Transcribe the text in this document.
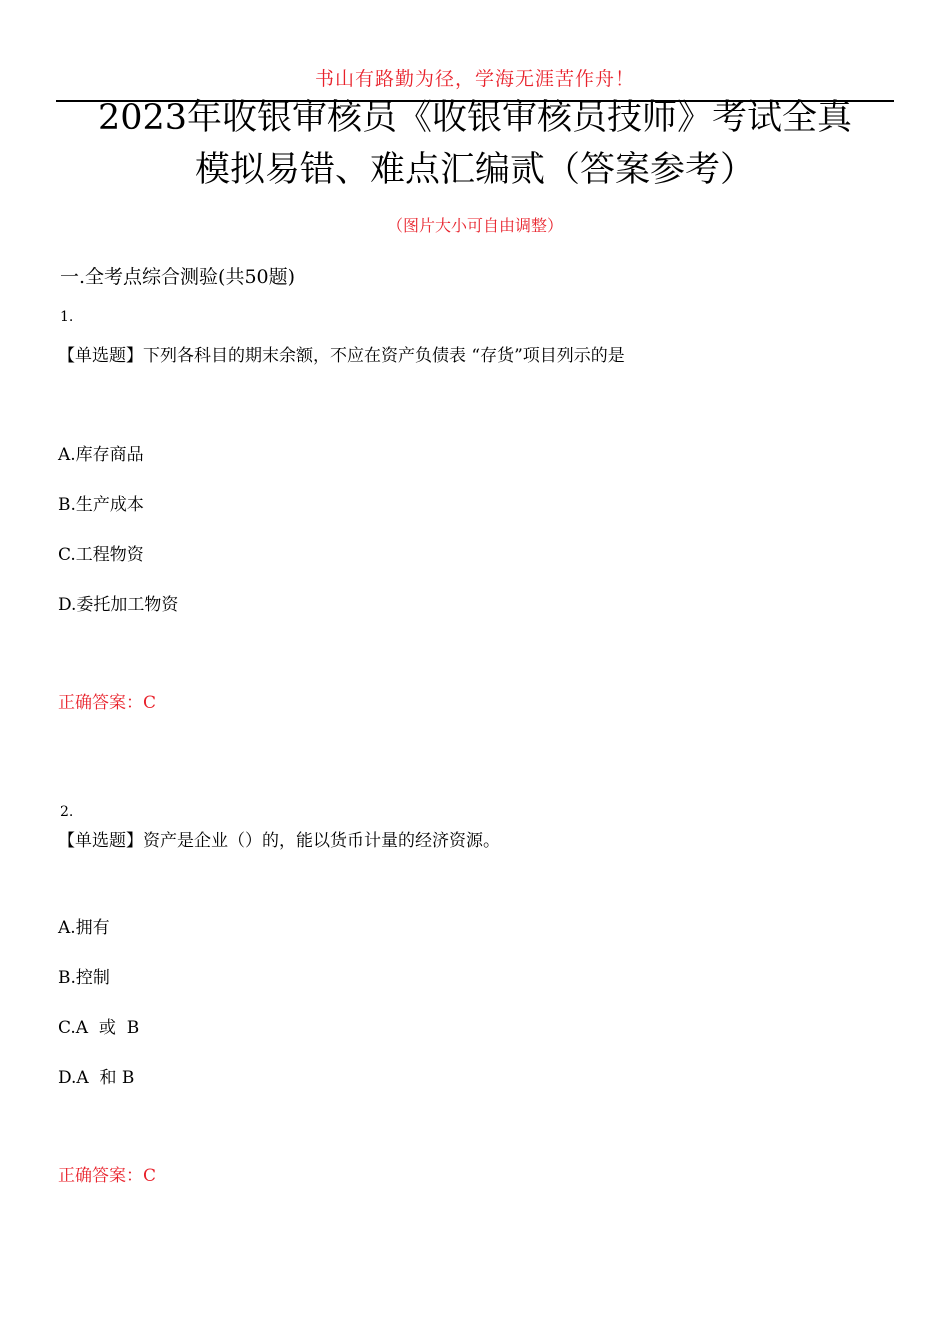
书山有路勤为径，学海无涯苦作舟！
2023年收银审核员《收银审核员技师》考试全真
模拟易错、难点汇编贰（答案参考）
（图片大小可自由调整）
一.全考点综合测验(共50题)
1.
【单选题】下列各科目的期末余额，不应在资产负债表 “存货”项目列示的是
A.库存商品
B.生产成本
C.工程物资
D.委托加工物资
正确答案：C
2.
【单选题】资产是企业（）的，能以货币计量的经济资源。
A.拥有
B.控制
C.A  或  B
D.A  和 B
正确答案：C
